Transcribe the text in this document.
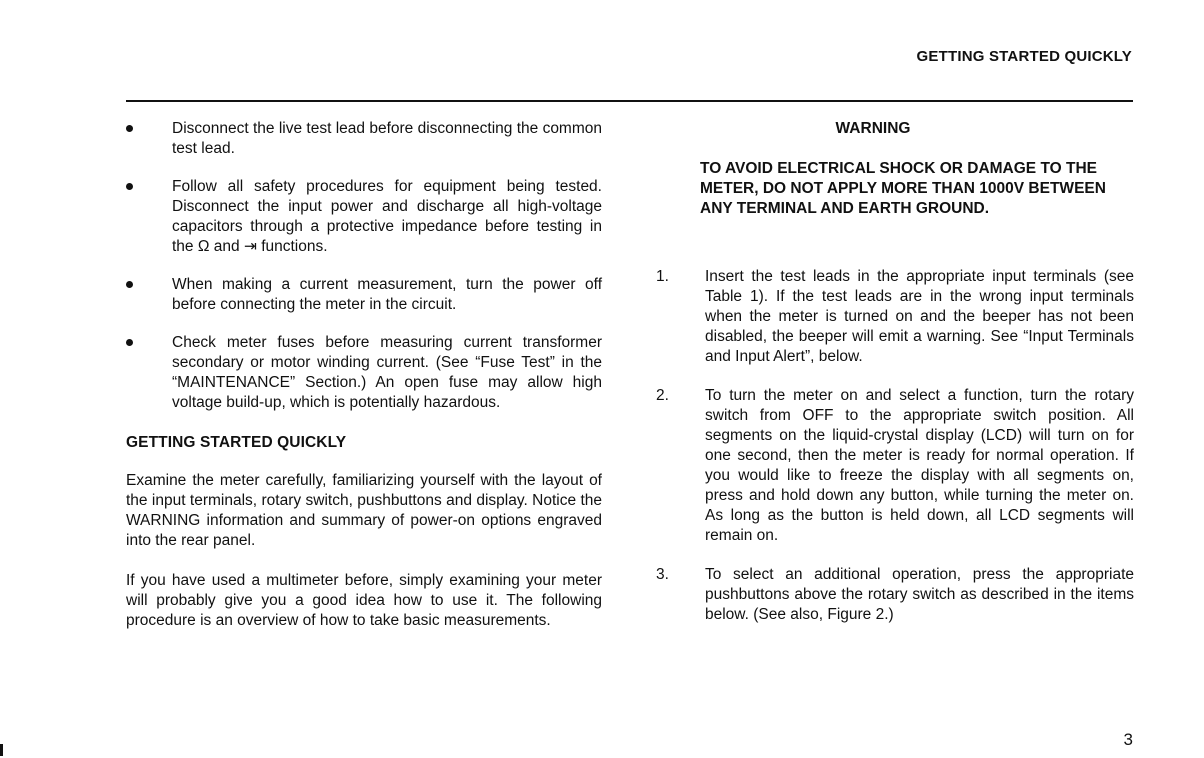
GETTING STARTED QUICKLY
Disconnect the live test lead before disconnecting the common test lead.
Follow all safety procedures for equipment being tested. Disconnect the input power and discharge all high-voltage capacitors through a protective impedance before testing in the Ω and ⇥ functions.
When making a current measurement, turn the power off before connecting the meter in the circuit.
Check meter fuses before measuring current transformer secondary or motor winding current. (See “Fuse Test” in the “MAINTENANCE” Section.) An open fuse may allow high voltage build-up, which is potentially hazardous.
GETTING STARTED QUICKLY

Examine the meter carefully, familiarizing yourself with the layout of the input terminals, rotary switch, pushbuttons and display. Notice the WARNING information and summary of power-on options engraved into the rear panel.

If you have used a multimeter before, simply examining your meter will probably give you a good idea how to use it. The following procedure is an overview of how to take basic measurements.

WARNING
TO AVOID ELECTRICAL SHOCK OR DAMAGE TO THE METER, DO NOT APPLY MORE THAN 1000V BETWEEN ANY TERMINAL AND EARTH GROUND.
1.	Insert the test leads in the appropriate input terminals (see Table 1). If the test leads are in the wrong input terminals when the meter is turned on and the beeper has not been disabled, the beeper will emit a warning. See “Input Terminals and Input Alert”, below.
2.	To turn the meter on and select a function, turn the rotary switch from OFF to the appropriate switch position. All segments on the liquid-crystal display (LCD) will turn on for one second, then the meter is ready for normal operation. If you would like to freeze the display with all segments on, press and hold down any button, while turning the meter on. As long as the button is held down, all LCD segments will remain on.
3.	To select an additional operation, press the appropriate pushbuttons above the rotary switch as described in the items below. (See also, Figure 2.)
3
